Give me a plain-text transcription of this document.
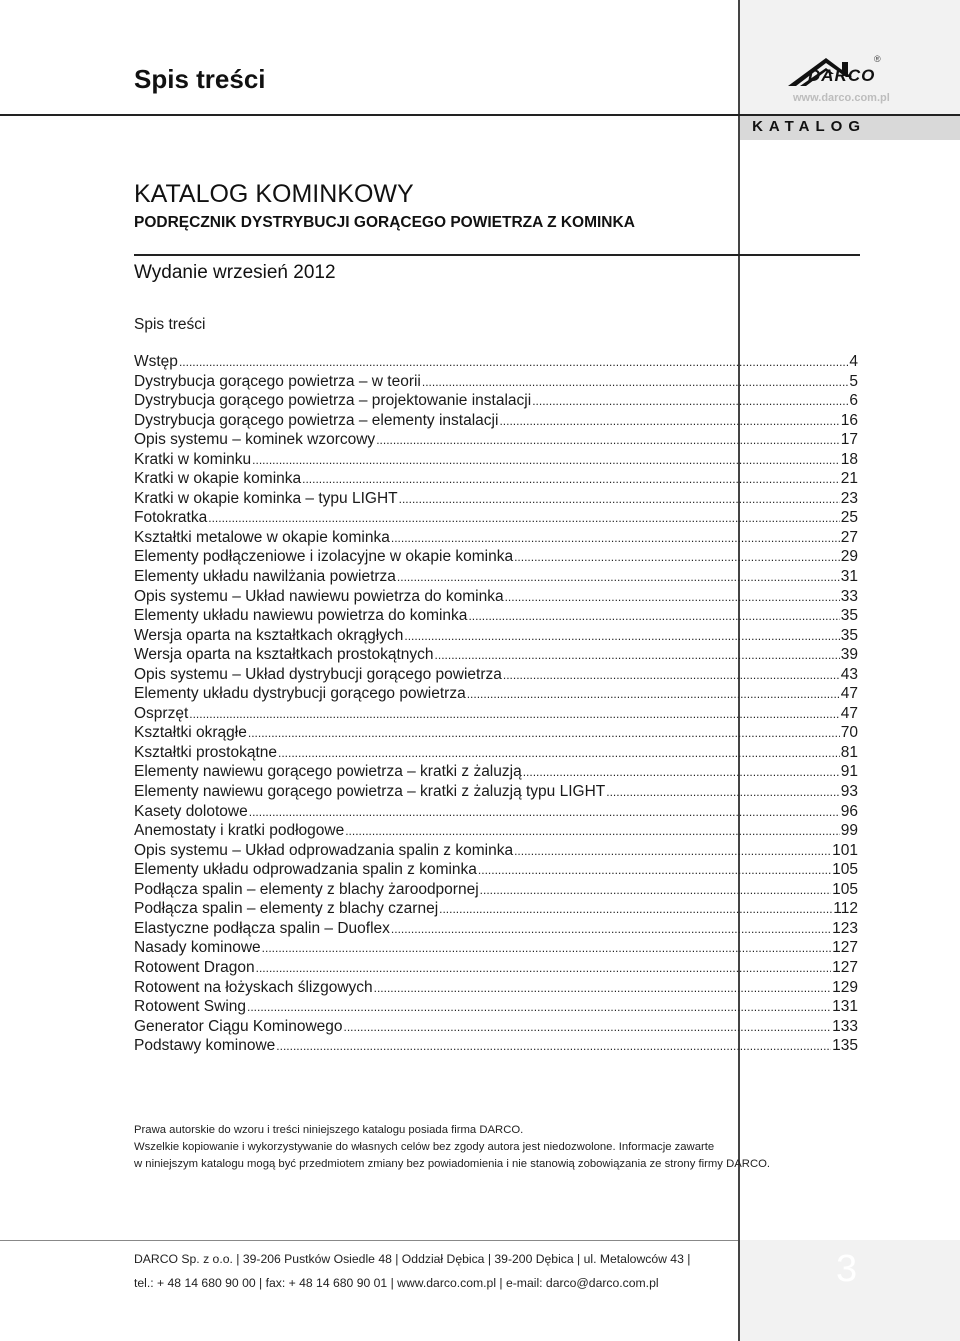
KATALOG
Spis treści	DARCO
®
www.darco.com.pl
KATALOG KOMINKOWY
PODRĘCZNIK DYSTRYBUCJI GORĄCEGO POWIETRZA Z KOMINKA
Wydanie wrzesień 2012
Spis treści
Wstęp .....	4
Dystrybucja gorącego powietrza – w teorii .....	5
Dystrybucja gorącego powietrza – projektowanie instalacji .....	6
Dystrybucja gorącego powietrza – elementy instalacji .....	16
Opis systemu – kominek wzorcowy .....	17
Kratki w kominku .....	18
Kratki w okapie kominka .....	21
Kratki w okapie kominka – typu LIGHT .....	23
Fotokratka .....	25
Kształtki metalowe w okapie kominka .....	27
Elementy podłączeniowe i izolacyjne w okapie kominka .....	29
Elementy układu nawilżania powietrza .....	31
Opis systemu – Układ nawiewu powietrza do kominka .....	33
Elementy układu nawiewu powietrza do kominka .....	35
Wersja oparta na kształtkach okrągłych .....	35
Wersja oparta na kształtkach prostokątnych .....	39
Opis systemu – Układ dystrybucji gorącego powietrza .....	43
Elementy układu dystrybucji gorącego powietrza .....	47
Osprzęt .....	47
Kształtki okrągłe .....	70
Kształtki prostokątne .....	81
Elementy nawiewu gorącego powietrza – kratki z żaluzją .....	91
Elementy nawiewu gorącego powietrza – kratki z żaluzją typu LIGHT .....	93
Kasety dolotowe .....	96
Anemostaty i kratki podłogowe .....	99
Opis systemu – Układ odprowadzania spalin z kominka .....	101
Elementy układu odprowadzania spalin z kominka .....	105
Podłącza spalin – elementy z blachy żaroodpornej .....	105
Podłącza spalin – elementy z blachy czarnej .....	112
Elastyczne podłącza spalin – Duoflex .....	123
Nasady kominowe .....	127
Rotowent Dragon .....	127
Rotowent na łożyskach ślizgowych .....	129
Rotowent Swing .....	131
Generator Ciągu Kominowego .....	133
Podstawy kominowe .....	135
Prawa autorskie do wzoru i treści niniejszego katalogu posiada firma DARCO.
Wszelkie kopiowanie i wykorzystywanie do własnych celów bez zgody autora jest niedozwolone. Informacje zawarte
w niniejszym katalogu mogą być przedmiotem zmiany bez powiadomienia i nie stanowią zobowiązania ze strony firmy DARCO.
DARCO Sp. z o.o. | 39-206 Pustków Osiedle 48 | Oddział Dębica | 39-200 Dębica | ul. Metalowców 43 |
tel.: + 48 14 680 90 00 | fax: + 48 14 680 90 01 | www.darco.com.pl | e-mail: darco@darco.com.pl	3
